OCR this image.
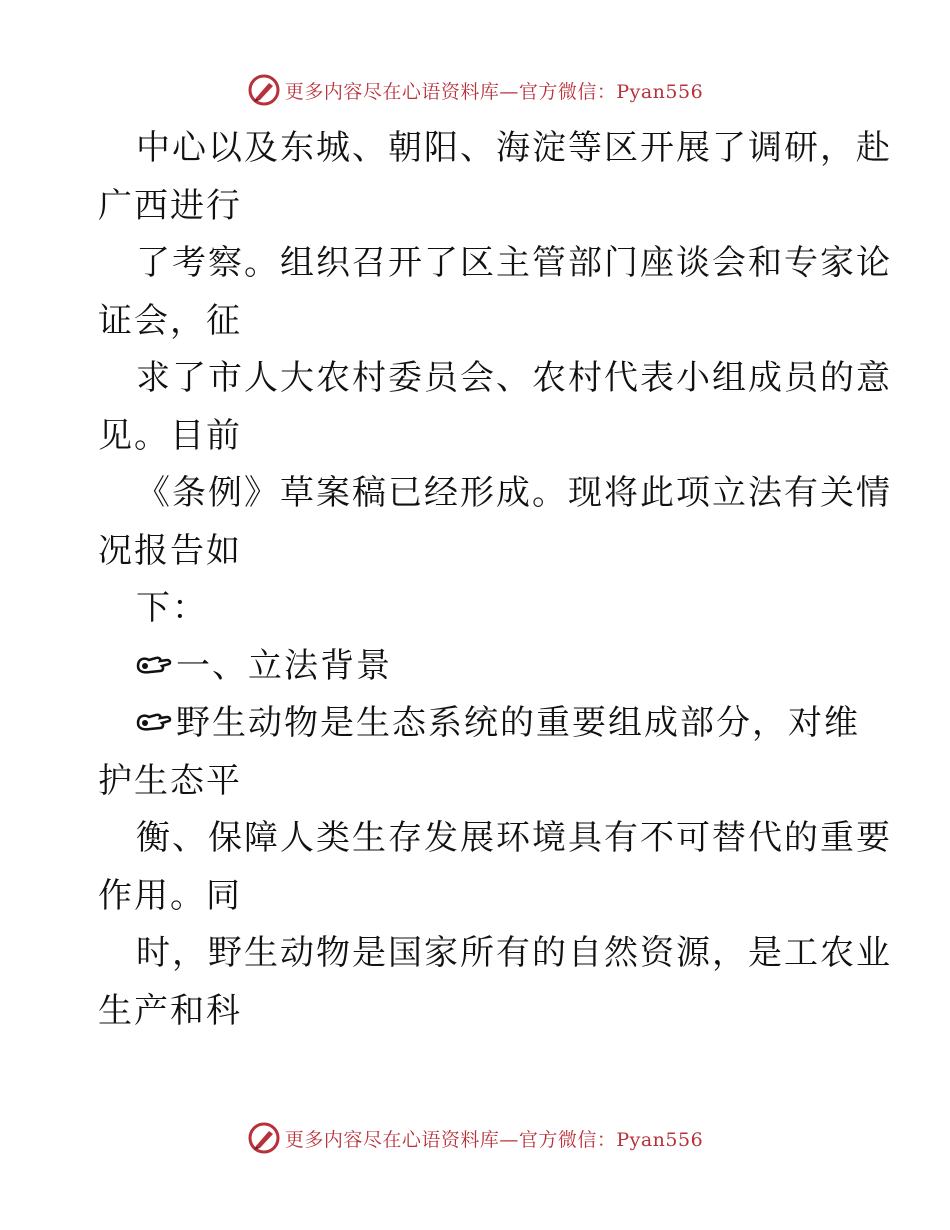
更多内容尽在心语资料库—官方微信：Pyan556
中心以及东城、朝阳、海淀等区开展了调研，赴
广西进行
了考察。组织召开了区主管部门座谈会和专家论
证会，征
求了市人大农村委员会、农村代表小组成员的意
见。目前
《条例》草案稿已经形成。现将此项立法有关情
况报告如
下：
一、立法背景
野生动物是生态系统的重要组成部分，对维
护生态平
衡、保障人类生存发展环境具有不可替代的重要
作用。同
时，野生动物是国家所有的自然资源，是工农业
生产和科
更多内容尽在心语资料库—官方微信：Pyan556
